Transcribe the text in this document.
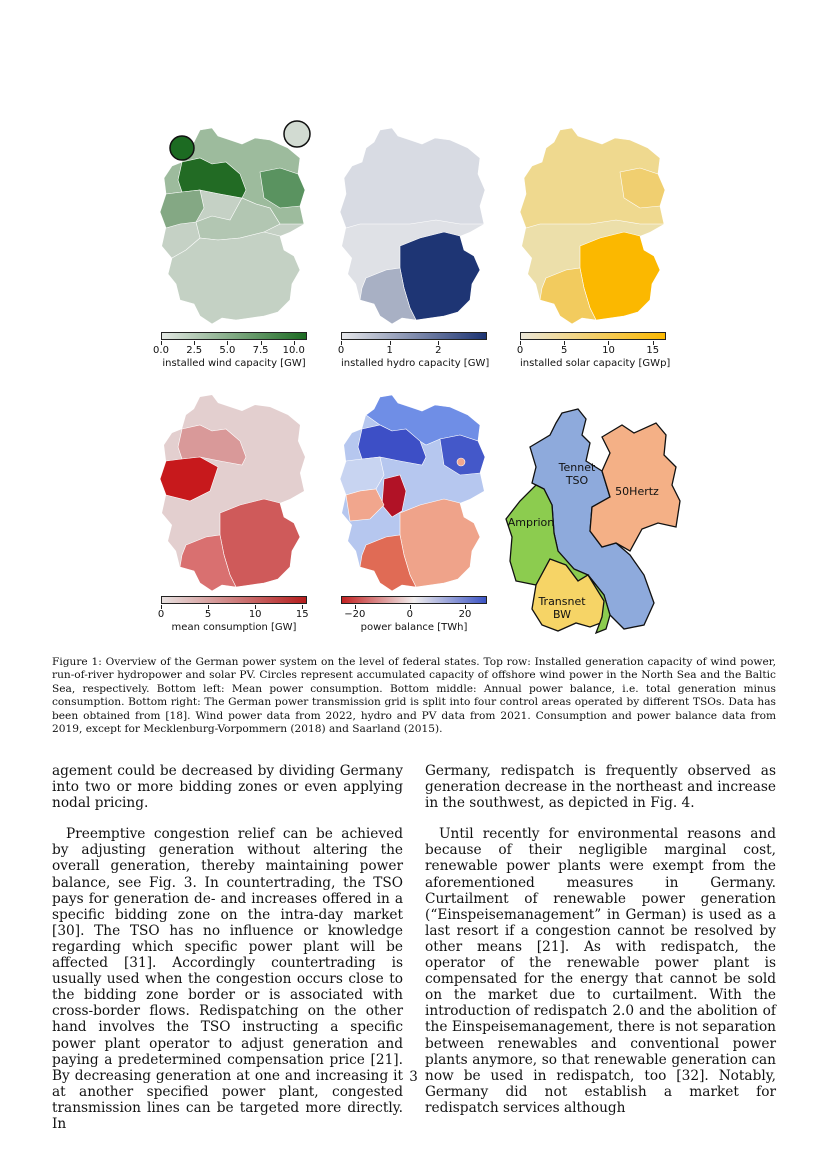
Tennet TSO
50Hertz
Amprion
Transnet BW
0.0 2.5 5.0 7.5 10.0
installed wind capacity [GW]
0	1	2
installed hydro capacity [GW]
0	5	10	15
installed solar capacity [GWp]
0	5	10	15
mean consumption [GW]
−20	0	20
power balance [TWh]
Figure 1: Overview of the German power system on the level of federal states. Top row: Installed generation capacity of wind power, run-of-river hydropower and solar PV. Circles represent accumulated capacity of offshore wind power in the North Sea and the Baltic Sea, respectively. Bottom left: Mean power consumption. Bottom middle: Annual power balance, i.e. total generation minus consumption. Bottom right: The German power transmission grid is split into four control areas operated by different TSOs. Data has been obtained from [18]. Wind power data from 2022, hydro and PV data from 2021. Consumption and power balance data from 2019, except for Mecklenburg-Vorpommern (2018) and Saarland (2015).

agement could be decreased by dividing Germany into two or more bidding zones or even applying nodal pricing.

Preemptive congestion relief can be achieved by adjusting generation without altering the overall generation, thereby maintaining power balance, see Fig. 3. In countertrading, the TSO pays for generation de- and increases offered in a specific bidding zone on the intra-day market [30]. The TSO has no influence or knowledge regarding which specific power plant will be affected [31]. Accordingly countertrading is usually used when the congestion occurs close to the bidding zone border or is associated with cross-border flows. Redispatching on the other hand involves the TSO instructing a specific power plant operator to adjust generation and paying a predetermined compensation price [21]. By decreasing generation at one and increasing it at another specified power plant, congested transmission lines can be targeted more directly. In

Germany, redispatch is frequently observed as generation decrease in the northeast and increase in the southwest, as depicted in Fig. 4.

Until recently for environmental reasons and because of their negligible marginal cost, renewable power plants were exempt from the aforementioned measures in Germany. Curtailment of renewable power generation (“Einspeisemanagement” in German) is used as a last resort if a congestion cannot be resolved by other means [21]. As with redispatch, the operator of the renewable power plant is compensated for the energy that cannot be sold on the market due to curtailment. With the introduction of redispatch 2.0 and the abolition of the Einspeisemanagement, there is not separation between renewables and conventional power plants anymore, so that renewable generation can now be used in redispatch, too [32]. Notably, Germany did not establish a market for redispatch services although

3
